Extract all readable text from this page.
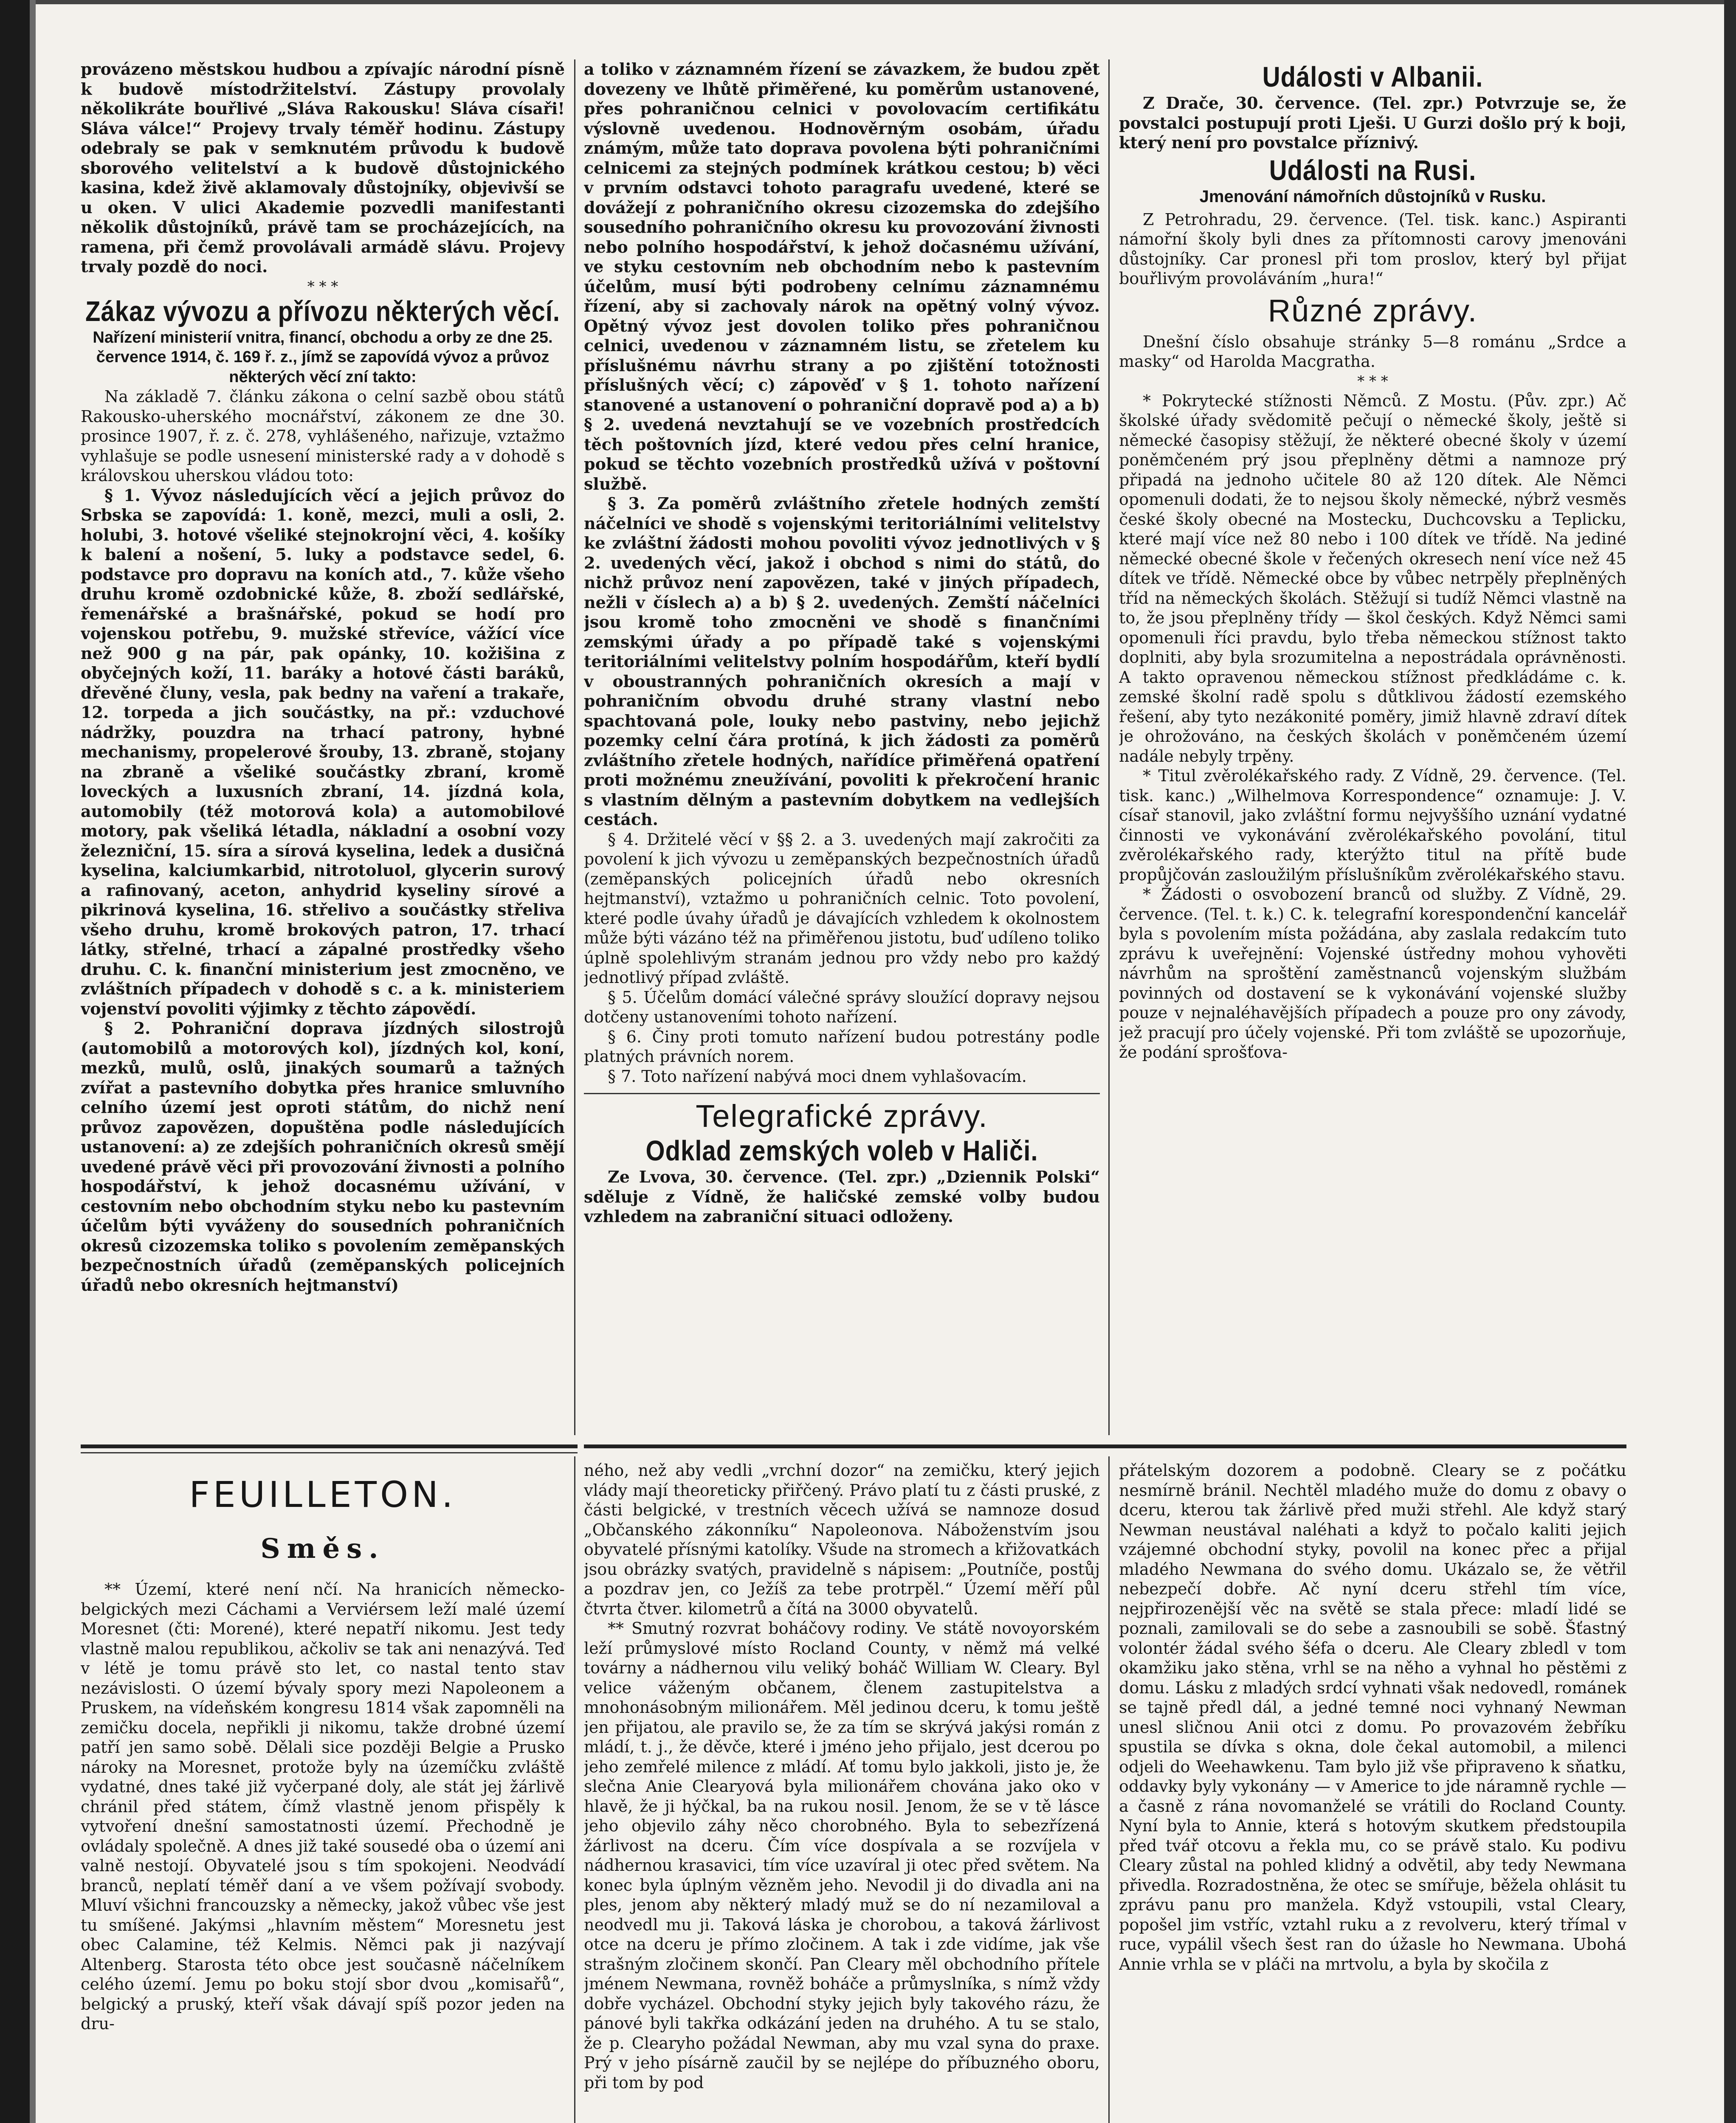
provázeno městskou hudbou a zpívajíc národní písně k budově místodržitelství. Zástupy provolaly několikráte bouřlivé „Sláva Rakousku! Sláva císaři! Sláva válce!“ Projevy trvaly téměř hodinu. Zástupy odebraly se pak v semknutém průvodu k budově sborového velitelství a k budově důstojnického kasina, kdež živě aklamovaly důstojníky, objevivší se u oken. V ulici Akademie pozvedli manifestanti několik důstojníků, právě tam se procházejících, na ramena, při čemž provolávali armádě slávu. Projevy trvaly pozdě do noci.

* * *
Zákaz vývozu a přívozu některých věcí.

Nařízení ministerií vnitra, financí, obchodu a orby ze dne 25. července 1914, č. 169 ř. z., jímž se zapovídá vývoz a průvoz některých věcí zní takto:

Na základě 7. článku zákona o celní sazbě obou států Rakousko-uherského mocnářství, zákonem ze dne 30. prosince 1907, ř. z. č. 278, vyhlášeného, nařizuje, vztažmo vyhlašuje se podle usnesení ministerské rady a v dohodě s královskou uherskou vládou toto:

§ 1. Vývoz následujících věcí a jejich průvoz do Srbska se zapovídá: 1. koně, mezci, muli a osli, 2. holubi, 3. hotové všeliké stejnokrojní věci, 4. košíky k balení a nošení, 5. luky a podstavce sedel, 6. podstavce pro dopravu na koních atd., 7. kůže všeho druhu kromě ozdobnické kůže, 8. zboží sedlářské, řemenářské a brašnářské, pokud se hodí pro vojenskou potřebu, 9. mužské střevíce, vážící více než 900 g na pár, pak opánky, 10. kožišina z obyčejných koží, 11. baráky a hotové části baráků, dřevěné čluny, vesla, pak bedny na vaření a trakaře, 12. torpeda a jich součástky, na př.: vzduchové nádržky, pouzdra na trhací patrony, hybné mechanismy, propelerové šrouby, 13. zbraně, stojany na zbraně a všeliké součástky zbraní, kromě loveckých a luxusních zbraní, 14. jízdná kola, automobily (též motorová kola) a automobilové motory, pak všeliká létadla, nákladní a osobní vozy železniční, 15. síra a sírová kyselina, ledek a dusičná kyselina, kalciumkarbid, nitrotoluol, glycerin surový a rafinovaný, aceton, anhydrid kyseliny sírové a pikrinová kyselina, 16. střelivo a součástky střeliva všeho druhu, kromě brokových patron, 17. trhací látky, střelné, trhací a zápalné prostředky všeho druhu. C. k. finanční ministerium jest zmocněno, ve zvláštních případech v dohodě s c. a k. ministeriem vojenství povoliti výjimky z těchto zápovědí.

§ 2. Pohraniční doprava jízdných silostrojů (automobilů a motorových kol), jízdných kol, koní, mezků, mulů, oslů, jinakých soumarů a tažných zvířat a pastevního dobytka přes hranice smluvního celního území jest oproti státům, do nichž není průvoz zapovězen, dopuštěna podle následujících ustanovení: a) ze zdejších pohraničních okresů smějí uvedené právě věci při provozování živnosti a polního hospodářství, k jehož docasnému užívání, v cestovním nebo obchodním styku nebo ku pastevním účelům býti vyváženy do sousedních pohraničních okresů cizozemska toliko s povolením zeměpanských bezpečnostních úřadů (zeměpanských policejních úřadů nebo okresních hejtmanství)

a toliko v záznamném řízení se závazkem, že budou zpět dovezeny ve lhůtě přiměřené, ku poměrům ustanovené, přes pohraničnou celnici v povolovacím certifikátu výslovně uvedenou. Hodnověrným osobám, úřadu známým, může tato doprava povolena býti pohraničními celnicemi za stejných podmínek krátkou cestou; b) věci v prvním odstavci tohoto paragrafu uvedené, které se dovážejí z pohraničního okresu cizozemska do zdejšího sousedního pohraničního okresu ku provozování živnosti nebo polního hospodářství, k jehož dočasnému užívání, ve styku cestovním neb obchodním nebo k pastevním účelům, musí býti podrobeny celnímu záznamnému řízení, aby si zachovaly nárok na opětný volný vývoz. Opětný vývoz jest dovolen toliko přes pohraničnou celnici, uvedenou v záznamném listu, se zřetelem ku příslušnému návrhu strany a po zjištění totožnosti příslušných věcí; c) zápověď v § 1. tohoto nařízení stanovené a ustanovení o pohraniční dopravě pod a) a b) § 2. uvedená nevztahují se ve vozebních prostředcích těch poštovních jízd, které vedou přes celní hranice, pokud se těchto vozebních prostředků užívá v poštovní službě.

§ 3. Za poměrů zvláštního zřetele hodných zemští náčelníci ve shodě s vojenskými teritoriálními velitelstvy ke zvláštní žádosti mohou povoliti vývoz jednotlivých v § 2. uvedených věcí, jakož i obchod s nimi do států, do nichž průvoz není zapovězen, také v jiných případech, nežli v číslech a) a b) § 2. uvedených. Zemští náčelníci jsou kromě toho zmocněni ve shodě s finančními zemskými úřady a po případě také s vojenskými teritoriálními velitelstvy polním hospodářům, kteří bydlí v oboustranných pohraničních okresích a mají v pohraničním obvodu druhé strany vlastní nebo spachtovaná pole, louky nebo pastviny, nebo jejichž pozemky celní čára protíná, k jich žádosti za poměrů zvláštního zřetele hodných, nařídíce přiměřená opatření proti možnému zneužívání, povoliti k překročení hranic s vlastním dělným a pastevním dobytkem na vedlejších cestách.

§ 4. Držitelé věcí v §§ 2. a 3. uvedených mají zakročiti za povolení k jich vývozu u zeměpanských bezpečnostních úřadů (zeměpanských policejních úřadů nebo okresních hejtmanství), vztažmo u pohraničních celnic. Toto povolení, které podle úvahy úřadů je dávajících vzhledem k okolnostem může býti vázáno též na přiměřenou jistotu, buď udíleno toliko úplně spolehlivým stranám jednou pro vždy nebo pro každý jednotlivý případ zvláště.

§ 5. Účelům domácí válečné správy sloužící dopravy nejsou dotčeny ustanoveními tohoto nařízení.

§ 6. Činy proti tomuto nařízení budou potrestány podle platných právních norem.

§ 7. Toto nařízení nabývá moci dnem vyhlašovacím.

Telegrafické zprávy.
Odklad zemských voleb v Haliči.

Ze Lvova, 30. července. (Tel. zpr.) „Dziennik Polski“ sděluje z Vídně, že haličské zemské volby budou vzhledem na zabraniční situaci odloženy.

Události v Albanii.

Z Drače, 30. července. (Tel. zpr.) Potvrzuje se, že povstalci postupují proti Lješi. U Gurzi došlo prý k boji, který není pro povstalce příznivý.

Události na Rusi.
Jmenování námořních důstojníků v Rusku.

Z Petrohradu, 29. července. (Tel. tisk. kanc.) Aspiranti námořní školy byli dnes za přítomnosti carovy jmenováni důstojníky. Car pronesl při tom proslov, který byl přijat bouřlivým provoláváním „hura!“

Různé zprávy.

Dnešní číslo obsahuje stránky 5—8 románu „Srdce a masky“ od Harolda Macgratha.

* * *

* Pokrytecké stížnosti Němců. Z Mostu. (Pův. zpr.) Ač školské úřady svědomitě pečují o německé školy, ještě si německé časopisy stěžují, že některé obecné školy v území poněmčeném prý jsou přeplněny dětmi a namnoze prý připadá na jednoho učitele 80 až 120 dítek. Ale Němci opomenuli dodati, že to nejsou školy německé, nýbrž vesměs české školy obecné na Mostecku, Duchcovsku a Teplicku, které mají více než 80 nebo i 100 dítek ve třídě. Na jediné německé obecné škole v řečených okresech není více než 45 dítek ve třídě. Německé obce by vůbec netrpěly přeplněných tříd na německých školách. Stěžují si tudíž Němci vlastně na to, že jsou přeplněny třídy — škol českých. Když Němci sami opomenuli říci pravdu, bylo třeba německou stížnost takto doplniti, aby byla srozumitelna a nepostrádala oprávněnosti. A takto opravenou německou stížnost předkládáme c. k. zemské školní radě spolu s důtklivou žádostí ezemského řešení, aby tyto nezákonité poměry, jimiž hlavně zdraví dítek je ohrožováno, na českých školách v poněmčeném území nadále nebyly trpěny.

* Titul zvěrolékařského rady. Z Vídně, 29. července. (Tel. tisk. kanc.) „Wilhelmova Korrespondence“ oznamuje: J. V. císař stanovil, jako zvláštní formu nejvyššího uznání vydatné činnosti ve vykonávání zvěrolékařského povolání, titul zvěrolékařského rady, kterýžto titul na přítě bude propůjčován zasloužilým příslušníkům zvěrolékařského stavu.

* Žádosti o osvobození branců od služby. Z Vídně, 29. července. (Tel. t. k.) C. k. telegrafní korespondenční kancelář byla s povolením místa požádána, aby zaslala redakcím tuto zprávu k uveřejnění: Vojenské ústředny mohou vyhověti návrhům na sproštění zaměstnanců vojenským službám povinných od dostavení se k vykonávání vojenské služby pouze v nejnaléhavějších případech a pouze pro ony závody, jež pracují pro účely vojenské. Při tom zvláště se upozorňuje, že podání sprošťova-

FEUILLETON.
Směs.

** Území, které není nčí. Na hranicích německo-belgických mezi Cáchami a Verviérsem leží malé území Moresnet (čti: Morené), které nepatří nikomu. Jest tedy vlastně malou republikou, ačkoliv se tak ani nenazývá. Teď v létě je tomu právě sto let, co nastal tento stav nezávislosti. O území bývaly spory mezi Napoleonem a Pruskem, na vídeňském kongresu 1814 však zapomněli na zemičku docela, nepřikli ji nikomu, takže drobné území patří jen samo sobě. Dělali sice později Belgie a Prusko nároky na Moresnet, protože byly na územíčku zvláště vydatné, dnes také již vyčerpané doly, ale stát jej žárlivě chránil před státem, čímž vlastně jenom přispěly k vytvoření dnešní samostatnosti území. Přechodně je ovládaly společně. A dnes již také sousedé oba o území ani valně nestojí. Obyvatelé jsou s tím spokojeni. Neodvádí branců, neplatí téměř daní a ve všem požívají svobody. Mluví všichni francouzsky a německy, jakož vůbec vše jest tu smíšené. Jakýmsi „hlavním městem“ Moresnetu jest obec Calamine, též Kelmis. Němci pak ji nazývají Altenberg. Starosta této obce jest současně náčelníkem celého území. Jemu po boku stojí sbor dvou „komisařů“, belgický a pruský, kteří však dávají spíš pozor jeden na dru-

ného, než aby vedli „vrchní dozor“ na zemičku, který jejich vlády mají theoreticky přiřčený. Právo platí tu z části pruské, z části belgické, v trestních věcech užívá se namnoze dosud „Občanského zákonníku“ Napoleonova. Náboženstvím jsou obyvatelé přísnými katolíky. Všude na stromech a křižovatkách jsou obrázky svatých, pravidelně s nápisem: „Poutníče, postůj a pozdrav jen, co Ježíš za tebe protrpěl.“ Území měří půl čtvrta čtver. kilometrů a čítá na 3000 obyvatelů.

** Smutný rozvrat boháčovy rodiny. Ve státě novoyorském leží průmyslové místo Rocland County, v němž má velké továrny a nádhernou vilu veliký boháč William W. Cleary. Byl velice váženým občanem, členem zastupitelstva a mnohonásobným milionářem. Měl jedinou dceru, k tomu ještě jen přijatou, ale pravilo se, že za tím se skrývá jakýsi román z mládí, t. j., že děvče, které i jméno jeho přijalo, jest dcerou po jeho zemřelé milence z mládí. Ať tomu bylo jakkoli, jisto je, že slečna Anie Clearyová byla milionářem chována jako oko v hlavě, že ji hýčkal, ba na rukou nosil. Jenom, že se v tě lásce jeho objevilo záhy něco chorobného. Byla to sebezřízená žárlivost na dceru. Čím více dospívala a se rozvíjela v nádhernou krasavici, tím více uzavíral ji otec před světem. Na konec byla úplným vězněm jeho. Nevodil ji do divadla ani na ples, jenom aby některý mladý muž se do ní nezamiloval a neodvedl mu ji. Taková láska je chorobou, a taková žárlivost otce na dceru je přímo zločinem. A tak i zde vidíme, jak vše strašným zločinem skončí. Pan Cleary měl obchodního přítele jménem Newmana, rovněž boháče a průmyslníka, s nímž vždy dobře vycházel. Obchodní styky jejich byly takového rázu, že pánové byli takřka odkázání jeden na druhého. A tu se stalo, že p. Clearyho požádal Newman, aby mu vzal syna do praxe. Prý v jeho písárně zaučil by se nejlépe do příbuzného oboru, při tom by pod

přátelským dozorem a podobně. Cleary se z počátku nesmírně bránil. Nechtěl mladého muže do domu z obavy o dceru, kterou tak žárlivě před muži střehl. Ale když starý Newman neustával naléhati a když to počalo kaliti jejich vzájemné obchodní styky, povolil na konec přec a přijal mladého Newmana do svého domu. Ukázalo se, že větřil nebezpečí dobře. Ač nyní dceru střehl tím více, nejpřirozenější věc na světě se stala přece: mladí lidé se poznali, zamilovali se do sebe a zasnoubili se sobě. Šťastný volontér žádal svého šéfa o dceru. Ale Cleary zbledl v tom okamžiku jako stěna, vrhl se na něho a vyhnal ho pěstěmi z domu. Lásku z mladých srdcí vyhnati však nedovedl, románek se tajně předl dál, a jedné temné noci vyhnaný Newman unesl sličnou Anii otci z domu. Po provazovém žebříku spustila se dívka s okna, dole čekal automobil, a milenci odjeli do Weehawkenu. Tam bylo již vše připraveno k sňatku, oddavky byly vykonány — v Americe to jde náramně rychle — a časně z rána novomanželé se vrátili do Rocland County. Nyní byla to Annie, která s hotovým skutkem předstoupila před tvář otcovu a řekla mu, co se právě stalo. Ku podivu Cleary zůstal na pohled klidný a odvětil, aby tedy Newmana přivedla. Rozradostněna, že otec se smířuje, běžela ohlásit tu zprávu panu pro manžela. Když vstoupili, vstal Cleary, popošel jim vstříc, vztahl ruku a z revolveru, který třímal v ruce, vypálil všech šest ran do úžasle ho Newmana. Ubohá Annie vrhla se v pláči na mrtvolu, a byla by skočila z
